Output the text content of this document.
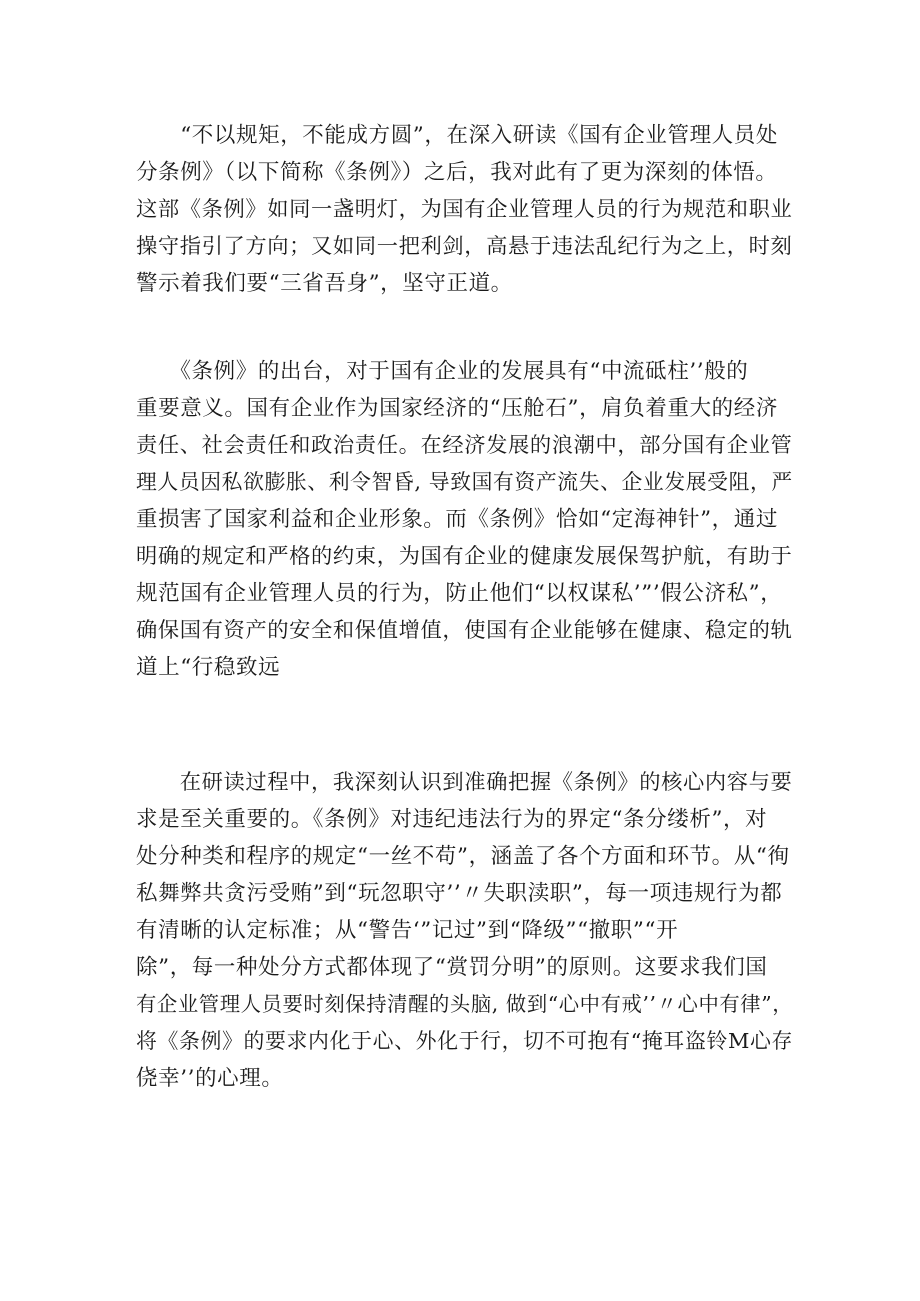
　　“不以规矩，不能成方圆”，在深入研读《国有企业管理人员处
分条例》（以下简称《条例》）之后，我对此有了更为深刻的体悟。
这部《条例》如同一盏明灯，为国有企业管理人员的行为规范和职业
操守指引了方向；又如同一把利剑，高悬于违法乱纪行为之上，时刻
警示着我们要“三省吾身”，坚守正道。

　　《条例》的出台，对于国有企业的发展具有“中流砥柱’’般的
重要意义。国有企业作为国家经济的“压舱石”，肩负着重大的经济
责任、社会责任和政治责任。在经济发展的浪潮中，部分国有企业管
理人员因私欲膨胀、利令智昏, 导致国有资产流失、企业发展受阻，严
重损害了国家利益和企业形象。而《条例》恰如“定海神针”，通过
明确的规定和严格的约束，为国有企业的健康发展保驾护航，有助于
规范国有企业管理人员的行为，防止他们“以权谋私’”’假公济私”，
确保国有资产的安全和保值增值，使国有企业能够在健康、稳定的轨
道上“行稳致远

　　在研读过程中，我深刻认识到准确把握《条例》的核心内容与要
求是至关重要的。《条例》对违纪违法行为的界定“条分缕析”，对
处分种类和程序的规定“一丝不苟”，涵盖了各个方面和环节。从“徇
私舞弊共贪污受贿”到“玩忽职守’’〃失职渎职”，每一项违规行为都
有清晰的认定标准；从“警告‘”记过”到“降级”“撤职”“开
除”，每一种处分方式都体现了“赏罚分明”的原则。这要求我们国
有企业管理人员要时刻保持清醒的头脑, 做到“心中有戒’’〃心中有律”，
将《条例》的要求内化于心、外化于行，切不可抱有“掩耳盗铃M心存
侥幸’’的心理。
